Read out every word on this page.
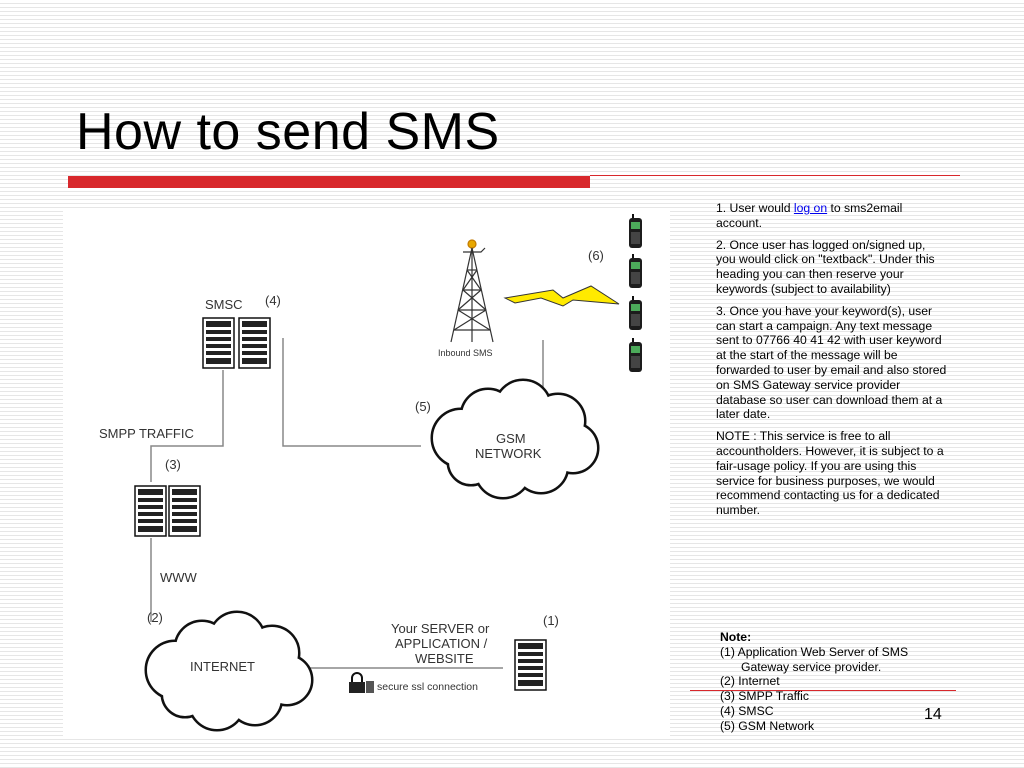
How to send SMS
SMSC (4)
SMPP TRAFFIC
(3)
WWW
(2)
INTERNET
Your SERVER or
APPLICATION /
WEBSITE
(1)
secure ssl connection
(5)
GSM
NETWORK
Inbound SMS
(6)

1. User would log on to sms2email account.

2. Once user has logged on/signed up, you would click on "textback". Under this heading you can then reserve your keywords (subject to availability)

3. Once you have your keyword(s), user can start a campaign. Any text message sent to 07766 40 41 42 with user keyword at the start of the message will be forwarded to user by email and also stored on SMS Gateway service provider database so user can download them at a later date.

NOTE : This service is free to all accountholders. However, it is subject to a fair-usage policy. If you are using this service for business purposes, we would recommend contacting us for a dedicated number.

Note:
(1) Application Web Server of SMS
Gateway service provider.
(2) Internet
(3) SMPP Traffic
(4) SMSC
(5) GSM Network
14
